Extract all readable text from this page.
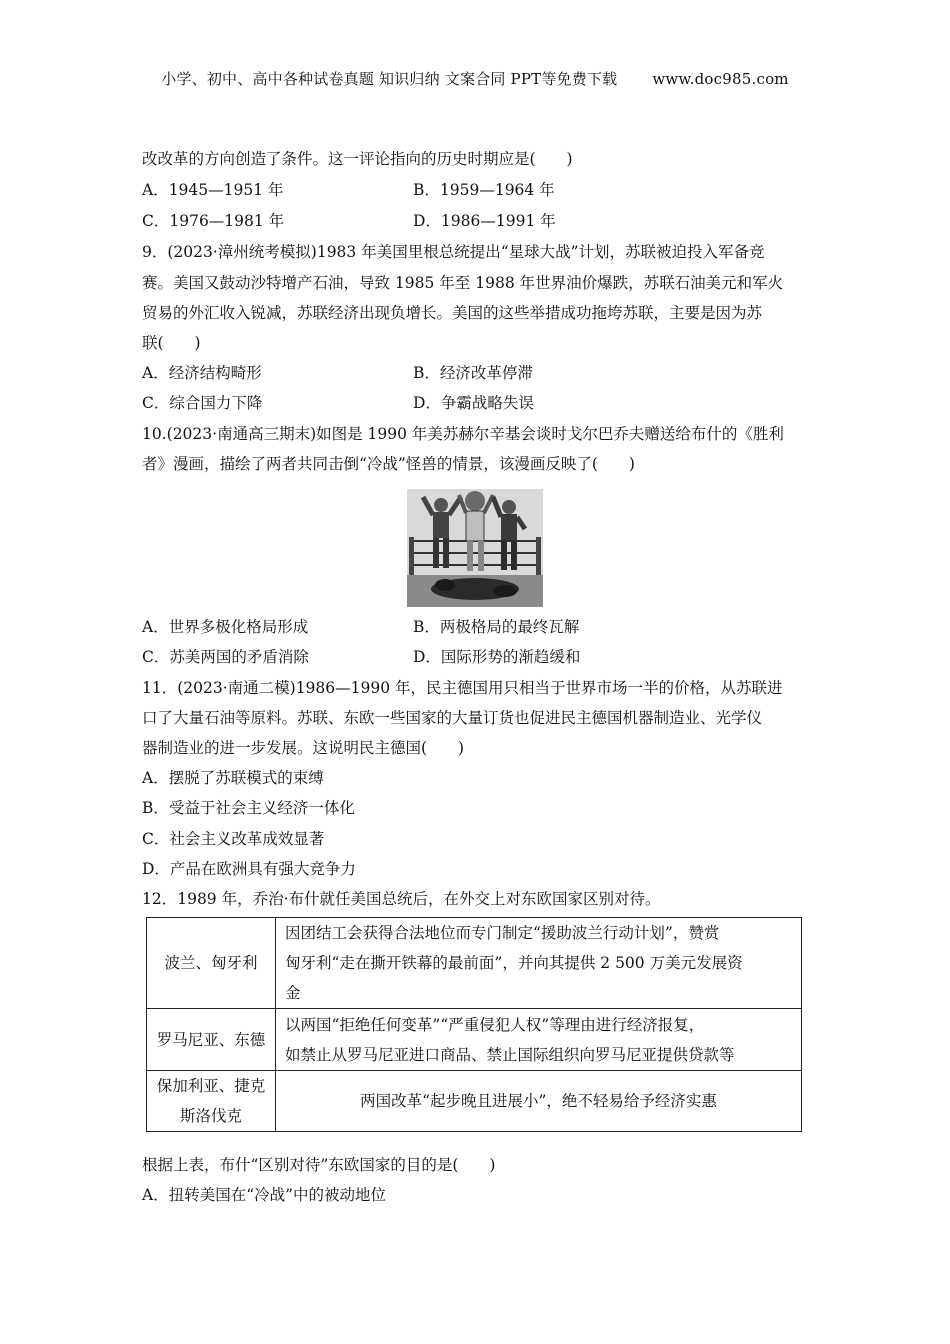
小学、初中、高中各种试卷真题 知识归纳 文案合同 PPT等免费下载 www.doc985.com
改改革的方向创造了条件。这一评论指向的历史时期应是(　　)
A．1945—1951 年	B．1959—1964 年
C．1976—1981 年	D．1986—1991 年
9．(2023·漳州统考模拟)1983 年美国里根总统提出“星球大战”计划，苏联被迫投入军备竞
赛。美国又鼓动沙特增产石油，导致 1985 年至 1988 年世界油价爆跌，苏联石油美元和军火
贸易的外汇收入锐减，苏联经济出现负增长。美国的这些举措成功拖垮苏联，主要是因为苏
联(　　)
A．经济结构畸形	B．经济改革停滞
C．综合国力下降	D．争霸战略失误
10.(2023·南通高三期末)如图是 1990 年美苏赫尔辛基会谈时戈尔巴乔夫赠送给布什的《胜利
者》漫画，描绘了两者共同击倒“冷战”怪兽的情景，该漫画反映了(　　)
A．世界多极化格局形成	B．两极格局的最终瓦解
C．苏美两国的矛盾消除	D．国际形势的渐趋缓和
11．(2023·南通二模)1986—1990 年，民主德国用只相当于世界市场一半的价格，从苏联进
口了大量石油等原料。苏联、东欧一些国家的大量订货也促进民主德国机器制造业、光学仪
器制造业的进一步发展。这说明民主德国(　　)
A．摆脱了苏联模式的束缚
B．受益于社会主义经济一体化
C．社会主义改革成效显著
D．产品在欧洲具有强大竞争力
12．1989 年，乔治·布什就任美国总统后，在外交上对东欧国家区别对待。
波兰、匈牙利	因团结工会获得合法地位而专门制定“援助波兰行动计划”，赞赏
匈牙利“走在撕开铁幕的最前面”，并向其提供 2 500 万美元发展资
金

罗马尼亚、东德	以两国“拒绝任何变革”“严重侵犯人权”等理由进行经济报复，
如禁止从罗马尼亚进口商品、禁止国际组织向罗马尼亚提供贷款等

保加利亚、捷克
斯洛伐克	两国改革“起步晚且进展小”，绝不轻易给予经济实惠
根据上表，布什“区别对待”东欧国家的目的是(　　)
A．扭转美国在“冷战”中的被动地位
